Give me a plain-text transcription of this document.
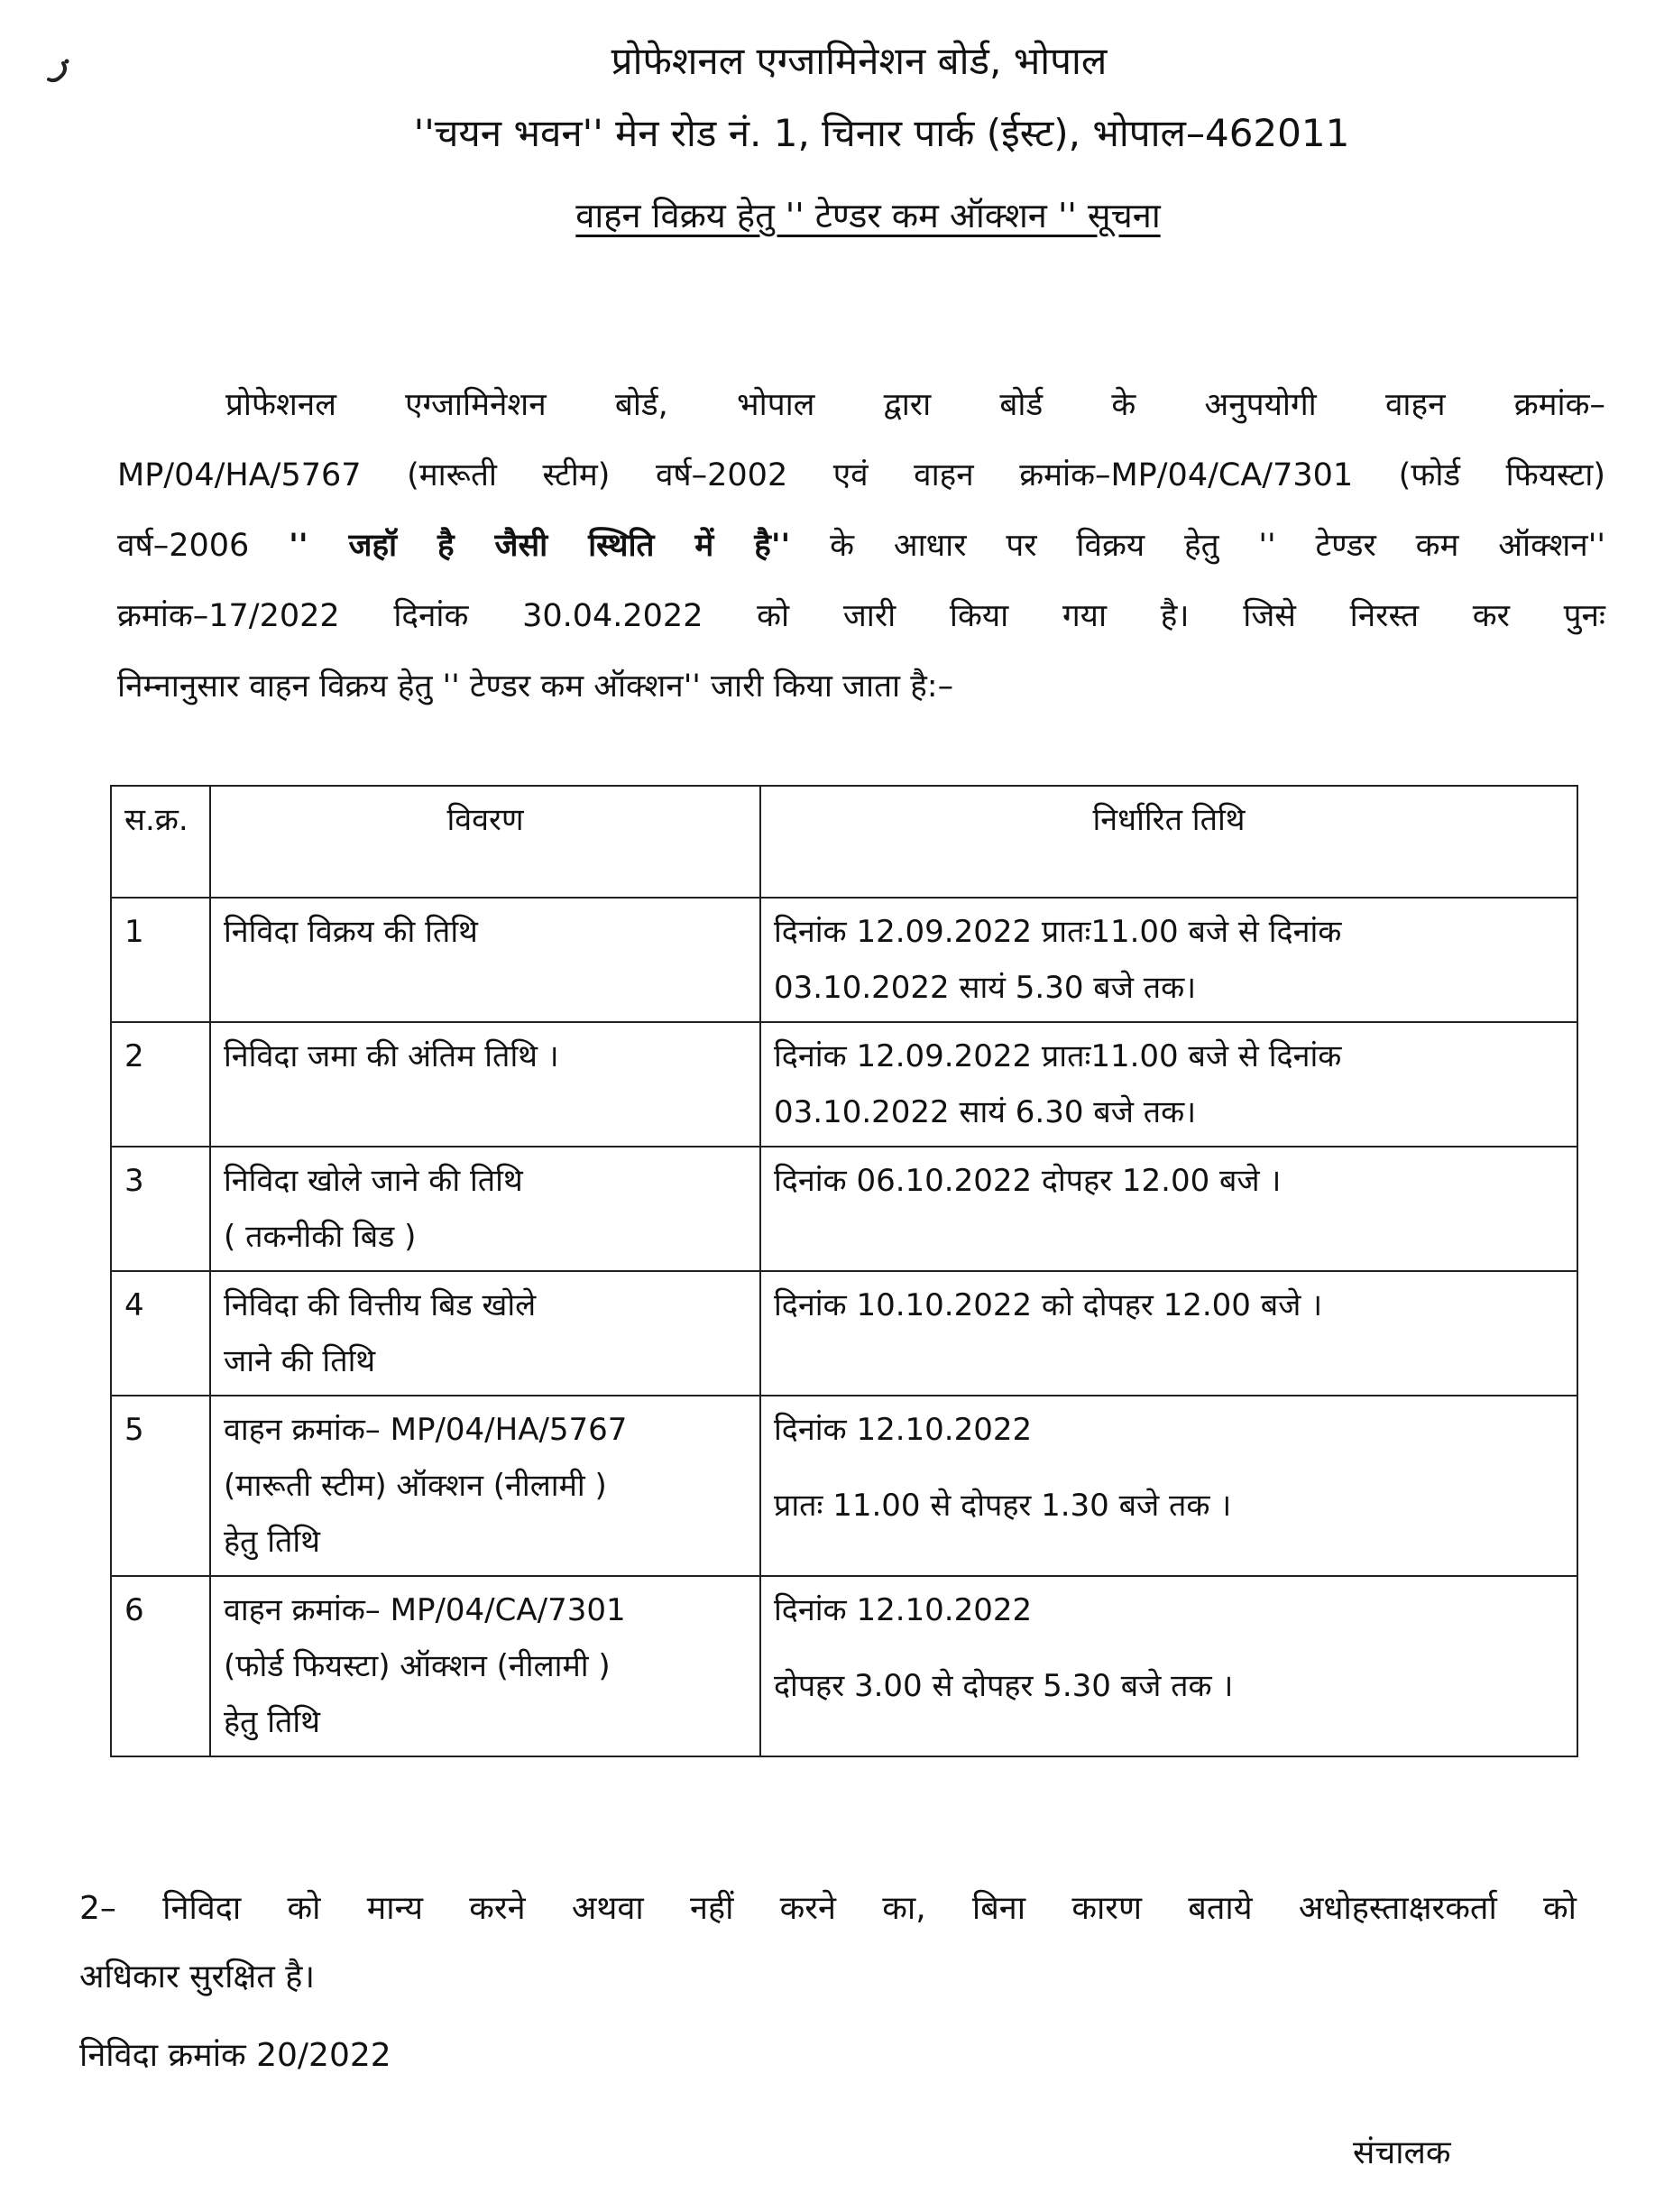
प्रोफेशनल एग्जामिनेशन बोर्ड, भोपाल
''चयन भवन'' मेन रोड नं. 1, चिनार पार्क (ईस्ट), भोपाल–462011
वाहन विक्रय हेतु '' टेण्डर कम ऑक्शन '' सूचना
प्रोफेशनल एग्जामिनेशन बोर्ड, भोपाल द्वारा बोर्ड के अनुपयोगी वाहन क्रमांक–
MP/04/HA/5767 (मारूती स्टीम) वर्ष–2002 एवं वाहन क्रमांक–MP/04/CA/7301 (फोर्ड फियस्टा)
वर्ष–2006 '' जहॉ है जैसी स्थिति में है'' के आधार पर विक्रय हेतु '' टेण्डर कम ऑक्शन''
क्रमांक–17/2022 दिनांक 30.04.2022 को जारी किया गया है। जिसे निरस्त कर पुनः
निम्नानुसार वाहन विक्रय हेतु '' टेण्डर कम ऑक्शन'' जारी किया जाता है:–
स.क्र.	विवरण	निर्धारित तिथि
1	निविदा विक्रय की तिथि	दिनांक 12.09.2022 प्रातः11.00 बजे से दिनांक
03.10.2022 सायं 5.30 बजे तक।
2	निविदा जमा की अंतिम तिथि ।	दिनांक 12.09.2022 प्रातः11.00 बजे से दिनांक
03.10.2022 सायं 6.30 बजे तक।
3	निविदा खोले जाने की तिथि
( तकनीकी बिड )	दिनांक 06.10.2022 दोपहर 12.00 बजे ।
4	निविदा की वित्तीय बिड खोले
जाने की तिथि	दिनांक 10.10.2022 को दोपहर 12.00 बजे ।
5	वाहन क्रमांक– MP/04/HA/5767
(मारूती स्टीम) ऑक्शन (नीलामी )
हेतु तिथि	दिनांक 12.10.2022
प्रातः 11.00 से दोपहर 1.30 बजे तक ।
6	वाहन क्रमांक– MP/04/CA/7301
(फोर्ड फियस्टा) ऑक्शन (नीलामी )
हेतु तिथि	दिनांक 12.10.2022
दोपहर 3.00 से दोपहर 5.30 बजे तक ।
2– निविदा को मान्य करने अथवा नहीं करने का, बिना कारण बताये अधोहस्ताक्षरकर्ता को
अधिकार सुरक्षित है।
निविदा क्रमांक 20/2022
संचालक
